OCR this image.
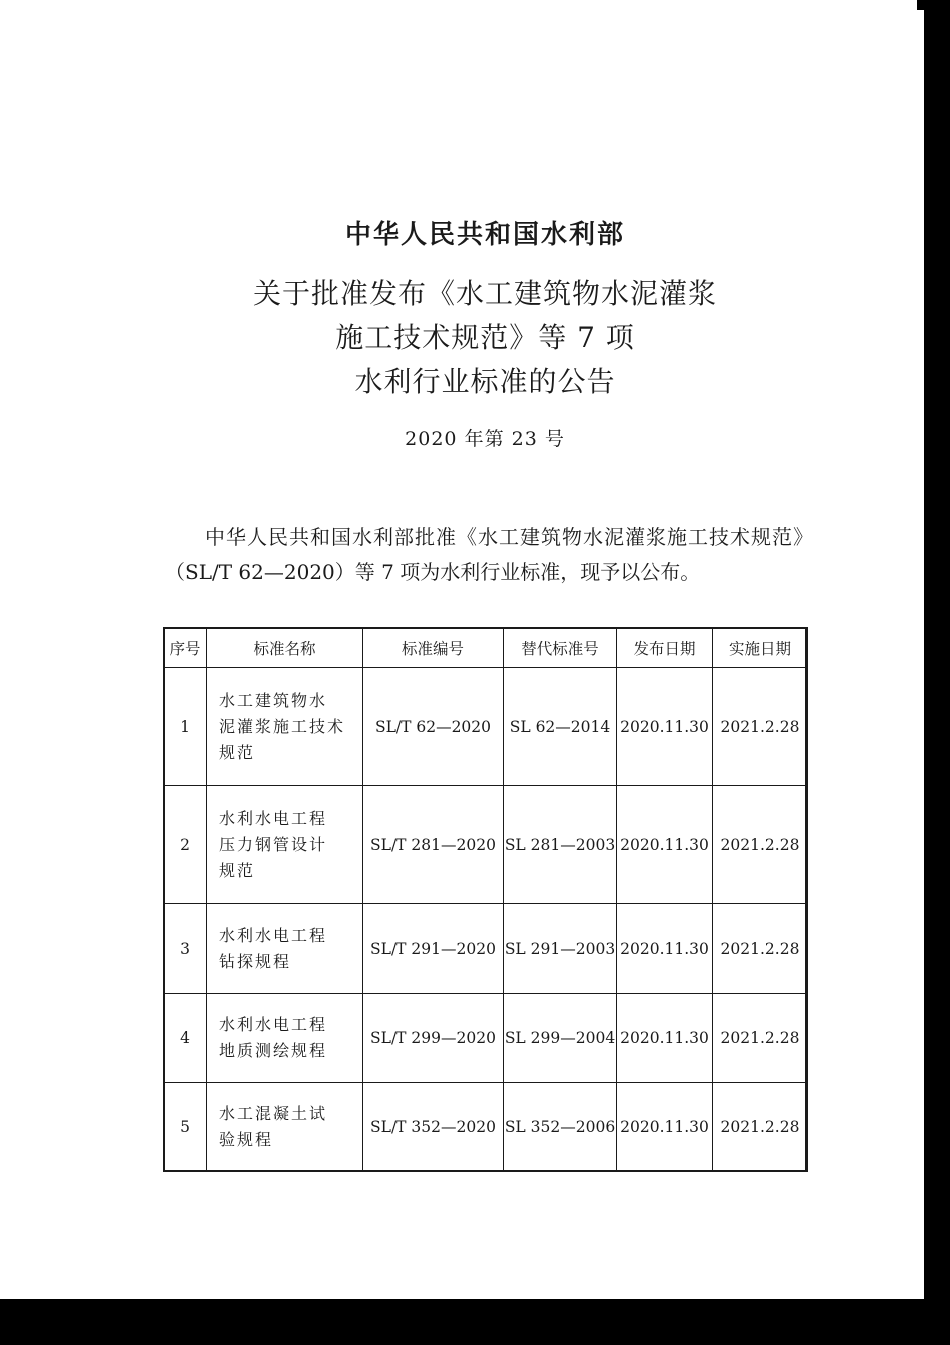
中华人民共和国水利部
关于批准发布《水工建筑物水泥灌浆
施工技术规范》等 7 项
水利行业标准的公告
2020 年第 23 号
中华人民共和国水利部批准《水工建筑物水泥灌浆施工技术规范》（SL/T 62—2020）等 7 项为水利行业标准，现予以公布。
序号	标准名称	标准编号	替代标准号	发布日期	实施日期
1	水工建筑物水
泥灌浆施工技术
规范	SL/T 62—2020	SL 62—2014	2020.11.30	2021.2.28
2	水利水电工程
压力钢管设计
规范	SL/T 281—2020	SL 281—2003	2020.11.30	2021.2.28
3	水利水电工程
钻探规程	SL/T 291—2020	SL 291—2003	2020.11.30	2021.2.28
4	水利水电工程
地质测绘规程	SL/T 299—2020	SL 299—2004	2020.11.30	2021.2.28
5	水工混凝土试
验规程	SL/T 352—2020	SL 352—2006	2020.11.30	2021.2.28
